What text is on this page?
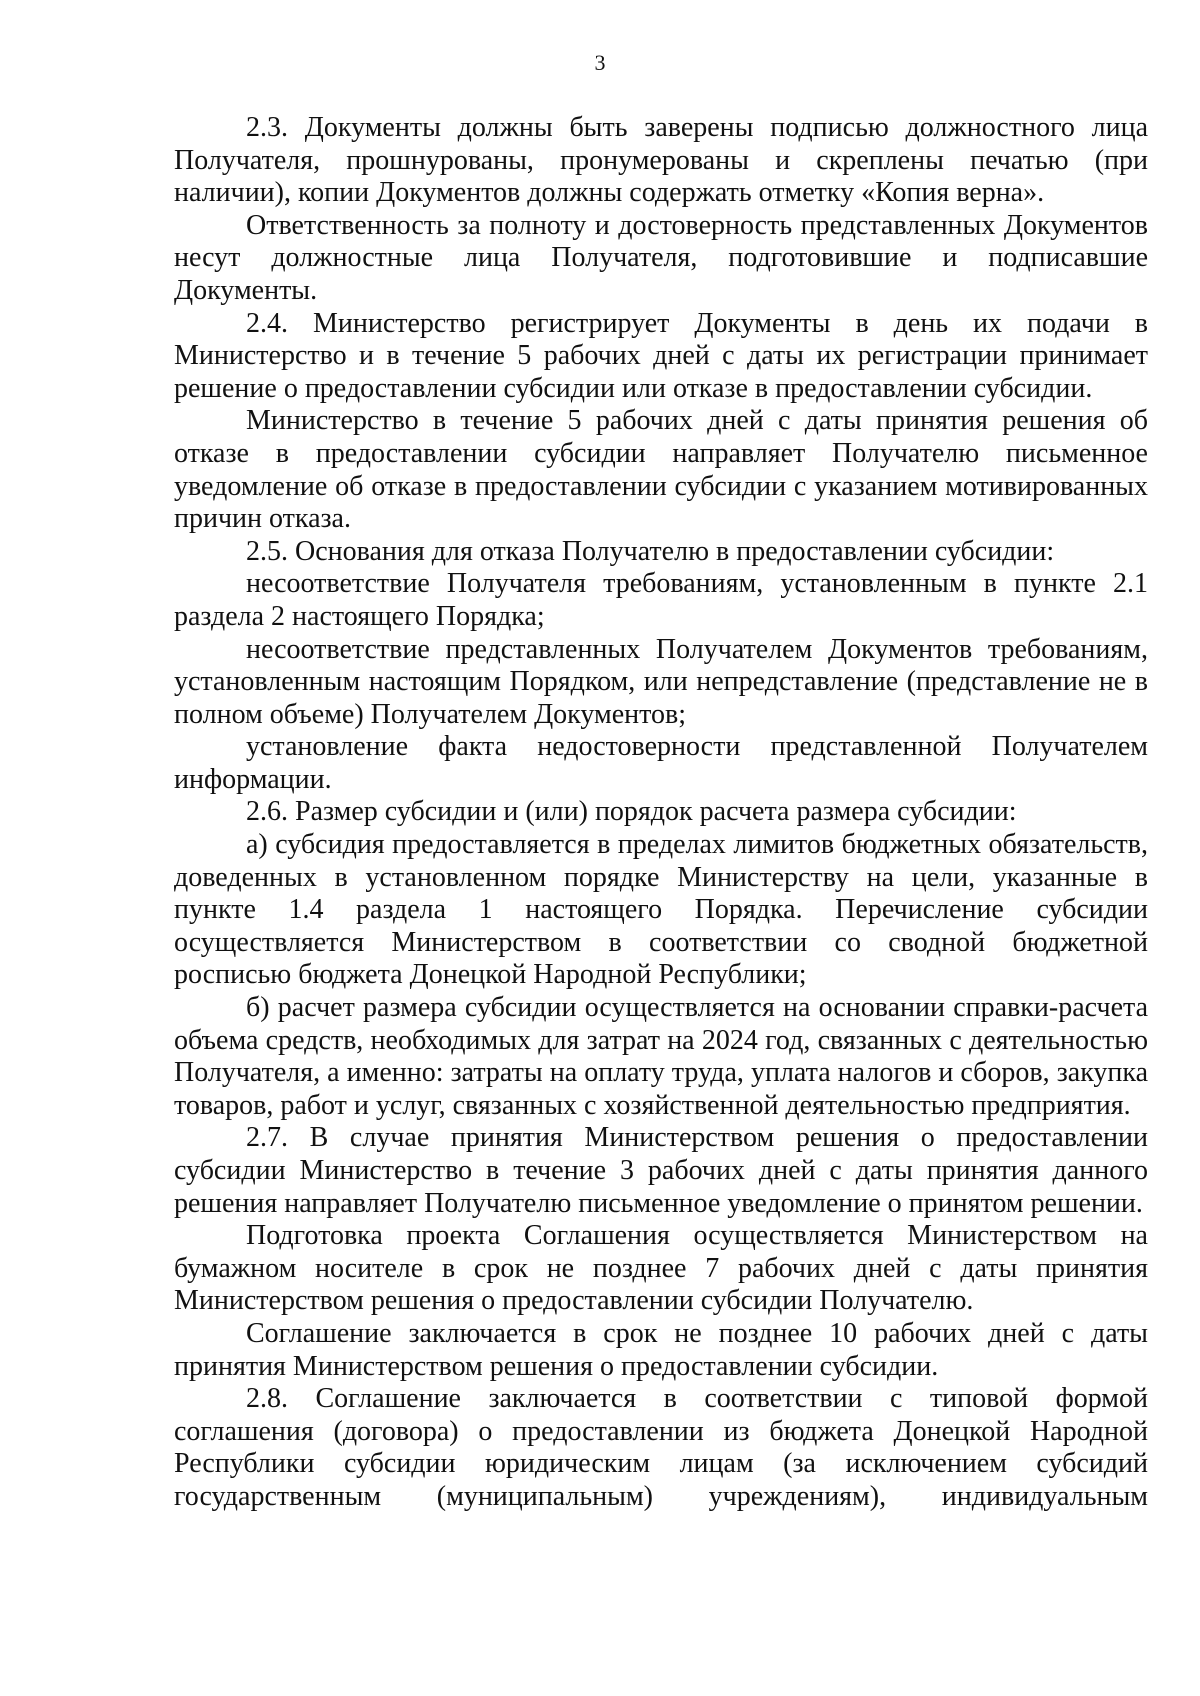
3

2.3. Документы должны быть заверены подписью должностного лица Получателя, прошнурованы, пронумерованы и скреплены печатью (при наличии), копии Документов должны содержать отметку «Копия верна».

Ответственность за полноту и достоверность представленных Документов несут должностные лица Получателя, подготовившие и подписавшие Документы.

2.4. Министерство регистрирует Документы в день их подачи в Министерство и в течение 5 рабочих дней с даты их регистрации принимает решение о предоставлении субсидии или отказе в предоставлении субсидии.

Министерство в течение 5 рабочих дней с даты принятия решения об отказе в предоставлении субсидии направляет Получателю письменное уведомление об отказе в предоставлении субсидии с указанием мотивированных причин отказа.

2.5. Основания для отказа Получателю в предоставлении субсидии:

несоответствие Получателя требованиям, установленным в пункте 2.1 раздела 2 настоящего Порядка;

несоответствие представленных Получателем Документов требованиям, установленным настоящим Порядком, или непредставление (представление не в полном объеме) Получателем Документов;

установление факта недостоверности представленной Получателем информации.

2.6. Размер субсидии и (или) порядок расчета размера субсидии:

а) субсидия предоставляется в пределах лимитов бюджетных обязательств, доведенных в установленном порядке Министерству на цели, указанные в пункте 1.4 раздела 1 настоящего Порядка. Перечисление субсидии осуществляется Министерством в соответствии со сводной бюджетной росписью бюджета Донецкой Народной Республики;

б) расчет размера субсидии осуществляется на основании справки-расчета объема средств, необходимых для затрат на 2024 год, связанных с деятельностью Получателя, а именно: затраты на оплату труда, уплата налогов и сборов, закупка товаров, работ и услуг, связанных с хозяйственной деятельностью предприятия.

2.7. В случае принятия Министерством решения о предоставлении субсидии Министерство в течение 3 рабочих дней с даты принятия данного решения направляет Получателю письменное уведомление о принятом решении.

Подготовка проекта Соглашения осуществляется Министерством на бумажном носителе в срок не позднее 7 рабочих дней с даты принятия Министерством решения о предоставлении субсидии Получателю.

Соглашение заключается в срок не позднее 10 рабочих дней с даты принятия Министерством решения о предоставлении субсидии.

2.8. Соглашение заключается в соответствии с типовой формой соглашения (договора) о предоставлении из бюджета Донецкой Народной Республики субсидии юридическим лицам (за исключением субсидий государственным (муниципальным) учреждениям), индивидуальным
